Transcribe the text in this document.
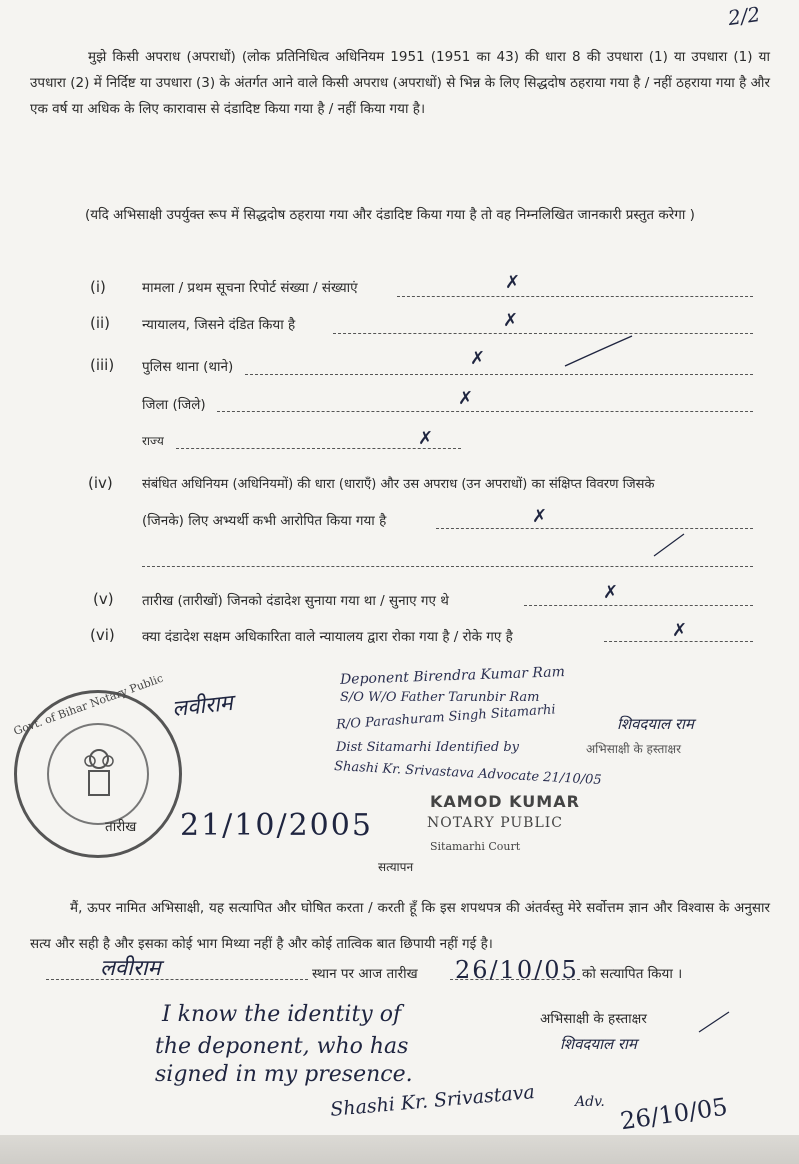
2/2
मुझे किसी अपराध (अपराधों) (लोक प्रतिनिधित्व अधिनियम 1951 (1951 का 43) की धारा 8 की उपधारा (1) या उपधारा (1) या उपधारा (2) में निर्दिष्ट या उपधारा (3) के अंतर्गत आने वाले किसी अपराध (अपराधों) से भिन्न के लिए सिद्धदोष ठहराया गया है / नहीं ठहराया गया है और एक वर्ष या अधिक के लिए कारावास से दंडादिष्ट किया गया है / नहीं किया गया है।
(यदि अभिसाक्षी उपर्युक्त रूप में सिद्धदोष ठहराया गया और दंडादिष्ट किया गया है तो वह निम्नलिखित जानकारी प्रस्तुत करेगा )
(i)	मामला / प्रथम सूचना रिपोर्ट संख्या / संख्याएं	✗
(ii) न्यायालय, जिसने दंडित किया है	✗
(iii) पुलिस थाना (थाने)	✗
जिला (जिले)	✗
राज्य	✗
(iv) संबंधित अधिनियम (अधिनियमों) की धारा (धाराएँ) और उस अपराध (उन अपराधों) का संक्षिप्त विवरण जिसके
(जिनके) लिए अभ्यर्थी कभी आरोपित किया गया है	✗
(v) तारीख (तारीखों) जिनको दंडादेश सुनाया गया था / सुनाए गए थे	✗
(vi) क्या दंडादेश सक्षम अधिकारिता वाले न्यायालय द्वारा रोका गया है / रोके गए है	✗
Govt. of Bihar Notary Public लवीराम
Deponent Birendra Kumar Ram
S/O W/O Father Tarunbir Ram
R/O Parashuram Singh Sitamarhi
Dist Sitamarhi Identified by
Shashi Kr. Srivastava Advocate 21/10/05
शिवदयाल राम
अभिसाक्षी के हस्ताक्षर
KAMOD KUMAR
NOTARY PUBLIC
Sitamarhi Court
तारीख 21/10/2005
सत्यापन
मैं, ऊपर नामित अभिसाक्षी, यह सत्यापित और घोषित करता / करती हूँ कि इस शपथपत्र की अंतर्वस्तु मेरे सर्वोत्तम ज्ञान और विश्वास के अनुसार सत्य और सही है और इसका कोई भाग मिथ्या नहीं है और कोई तात्विक बात छिपायी नहीं गई है।
लवीराम	स्थान पर आज तारीख 26/10/05 को सत्यापित किया ।
अभिसाक्षी के हस्ताक्षर
शिवदयाल राम
I know the identity of
the deponent, who has
signed in my presence.
Shashi Kr. Srivastava	Adv. 26/10/05
